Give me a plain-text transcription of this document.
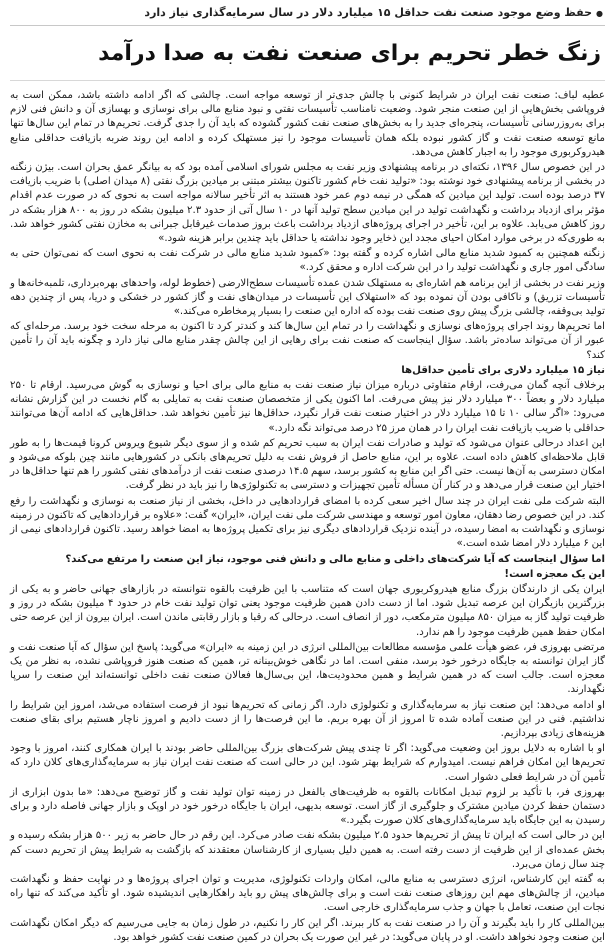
●حفظ وضع موجود صنعت نفت حداقل ۱۵ میلیارد دلار در سال سرمایه‌گذاری نیاز دارد
زنگ خطر تحریم برای صنعت نفت به صدا درآمد

عطیه لباف: صنعت نفت ایران در شرایط کنونی با چالش جدی‌تر از توسعه مواجه است. چالشی که اگر ادامه داشته باشد، ممکن است به فروپاشی بخش‌هایی از این صنعت منجر شود. وضعیت نامناسب تأسیسات نفتی و نبود منابع مالی برای نوسازی و بهسازی آن و دانش فنی لازم برای به‌روزرسانی تأسیسات، پنجره‌ای جدید را به بخش‌های صنعت نفت کشور گشوده که باید آن را جدی گرفت. تحریم‌ها در تمام این سال‌ها تنها مانع توسعه صنعت نفت و گاز کشور نبوده بلکه همان تأسیسات موجود را نیز مستهلک کرده و ادامه این روند ضربه بازیافت حداقلی منابع هیدروکربوری موجود را به اجبار کاهش می‌دهد.

در این خصوص سال ۱۳۹۶، نکته‌ای در برنامه پیشنهادی وزیر نفت به مجلس شورای اسلامی آمده بود که به بیانگر عمق بحران است. بیژن زنگنه در بخشی از برنامه پیشنهادی خود نوشته بود: «تولید نفت خام کشور تاکنون بیشتر مبتنی بر میادین بزرگ نفتی (۸ میدان اصلی) با ضریب بازیافت ۳۷ درصد بوده است. تولید این میادین که همگی در نیمه دوم عمر خود هستند به اثر تأخیر سالانه مواجه است به نحوی که در صورت عدم اقدام مؤثر برای ازدیاد برداشت و نگهداشت تولید در این میادین سطح تولید آنها در ۱۰ سال آتی از حدود ۲.۳ میلیون بشکه در روز به ۸۰۰ هزار بشکه در روز کاهش می‌یابد. علاوه بر این، تأخیر در اجرای پروژه‌های ازدیاد برداشت باعث بروز صدمات غیرقابل جبرانی به مخازن نفتی کشور خواهد شد. به طوری‌که در برخی موارد امکان احیای مجدد این ذخایر وجود نداشته یا حداقل باید چندین برابر هزینه شود.»

زنگنه همچنین به کمبود شدید منابع مالی اشاره کرده و گفته بود: «کمبود شدید منابع مالی در شرکت نفت به نحوی است که نمی‌توان حتی به سادگی امور جاری و نگهداشت تولید را در این شرکت اداره و محقق کرد.»

وزیر نفت در بخشی از این برنامه هم اشاره‌ای به مستهلک شدن عمده تأسیسات سطح‌الارضی (خطوط لوله، واحدهای بهره‌برداری، تلمبه‌خانه‌ها و تأسیسات تزریق) و ناکافی بودن آن نموده بود که «استهلاک این تأسیسات در میدان‌های نفت و گاز کشور در خشکی و دریا، پس از چندین دهه تولید بی‌وقفه، چالشی بزرگ پیش روی صنعت نفت بوده که اداره این صنعت را بسیار پرمخاطره می‌کند.»

اما تحریم‌ها روند اجرای پروژه‌های نوسازی و نگهداشت را در تمام این سال‌ها کند و کندتر کرد تا اکنون به مرحله سخت خود برسد. مرحله‌ای که عبور از آن می‌تواند ساده‌تر باشد. سؤال اینجاست که صنعت نفت برای رهایی از این چالش چقدر منابع مالی نیاز دارد و چگونه باید آن را تأمین کند؟

نیاز ۱۵ میلیارد دلاری برای تأمین حداقل‌ها

برخلاف آنچه گمان می‌رفت، ارقام متفاوتی درباره میزان نیاز صنعت نفت به منابع مالی برای احیا و نوسازی به گوش می‌رسید. ارقام تا ۲۵۰ میلیارد دلار و بعضاً ۳۰۰ میلیارد دلار نیز پیش می‌رفت. اما اکنون یکی از متخصصان صنعت نفت به تمایلی به گام نخست در این گزارش نشانه می‌رود: «اگر سالی ۱۰ تا ۱۵ میلیارد دلار در اختیار صنعت نفت قرار نگیرد، حداقل‌ها نیز تأمین نخواهد شد. حداقل‌هایی که ادامه آن‌ها می‌توانند حداقلی با ضریب بازیافت نفت ایران را در همان مرز ۲۵ درصد می‌تواند نگه دارد.»

این اعداد درحالی عنوان می‌شود که تولید و صادرات نفت ایران به سبب تحریم کم شده و از سوی دیگر شیوع ویروس کرونا قیمت‌ها را به طور قابل ملاحظه‌ای کاهش داده است. علاوه بر این، منابع حاصل از فروش نفت به دلیل تحریم‌های بانکی در کشورهایی مانند چین بلوکه می‌شود و امکان دسترسی به آن‌ها نیست. حتی اگر این منابع به کشور برسد، سهم ۱۴.۵ درصدی صنعت نفت از درآمدهای نفتی کشور را هم تنها حداقل‌ها در اختیار این صنعت قرار می‌دهد و در کنار آن مسأله تأمین تجهیزات و دسترسی به تکنولوژی‌ها را نیز باید در نظر گرفت.

البته شرکت ملی نفت ایران در چند سال اخیر سعی کرده با امضای قراردادهایی در داخل، بخشی از نیاز صنعت به نوسازی و نگهداشت را رفع کند. در این خصوص رضا دهقان، معاون امور توسعه و مهندسی شرکت ملی نفت ایران، «ایران» گفت: «علاوه بر قراردادهایی که تاکنون در زمینه نوسازی و نگهداشت به امضا رسیده، در آینده نزدیک قراردادهای دیگری نیز برای تکمیل پروژه‌ها به امضا خواهد رسید. تاکنون قراردادهای نیمی از این ۶ میلیارد دلار امضا شده است.»

اما سؤال اینجاست که آیا شرکت‌های داخلی و منابع مالی و دانش فنی موجود، نیاز این صنعت را مرتفع می‌کند؟

این یک معجزه است!

ایران یکی از دارندگان بزرگ منابع هیدروکربوری جهان است که متناسب با این ظرفیت بالقوه نتوانسته در بازارهای جهانی حاضر و به یکی از بزرگترین بازیگران این عرصه تبدیل شود. اما از دست دادن همین ظرفیت موجود یعنی توان تولید نفت خام در حدود ۴ میلیون بشکه در روز و ظرفیت تولید گاز به میزان ۸۵۰ میلیون مترمکعب، دور از انصاف است. درحالی که رقبا و بازار رقابتی ماندن است. ایران بیرون از این عرصه حتی امکان حفظ همین ظرفیت موجود را هم ندارد.

مرتضی بهروزی فر، عضو هیأت علمی مؤسسه مطالعات بین‌المللی انرژی در این زمینه به «ایران» می‌گوید: پاسخ این سؤال که آیا صنعت نفت و گاز ایران توانسته به جایگاه درخور خود برسد، منفی است. اما در نگاهی خوش‌بینانه تر، همین که صنعت هنوز فروپاشی نشده، به نظر من یک معجزه است. جالب است که در همین شرایط و همین محدودیت‌ها، این بی‌سال‌ها فعالان صنعت نفت داخلی توانسته‌اند این صنعت را سرپا نگهدارند.

او ادامه می‌دهد: این صنعت نیاز به سرمایه‌گذاری و تکنولوژی دارد. اگر زمانی که تحریم‌ها نبود از فرصت استفاده می‌شد، امروز این شرایط را نداشتیم. فنی در این صنعت آماده شده تا امروز از آن بهره بریم. ما این فرصت‌ها را از دست دادیم و امروز ناچار هستیم برای بقای صنعت هزینه‌های زیادی بپردازیم.

او با اشاره به دلایل بروز این وضعیت می‌گوید: اگر تا چندی پیش شرکت‌های بزرگ بین‌المللی حاضر بودند با ایران همکاری کنند، امروز با وجود تحریم‌ها این امکان فراهم نیست. امیدوارم که شرایط بهتر شود. این در حالی است که صنعت نفت ایران نیاز به سرمایه‌گذاری‌های کلان دارد که تأمین آن در شرایط فعلی دشوار است.

بهروزی فر، با تأکید بر لزوم تبدیل امکانات بالقوه به ظرفیت‌های بالفعل در زمینه توان تولید نفت و گاز توضیح می‌دهد: «ما بدون ابزاری از دستمان حفظ کردن میادین مشترک و جلوگیری از گاز است. توسعه بدیهی، ایران با جایگاه درخور خود در اوپک و بازار جهانی فاصله دارد و برای رسیدن به این جایگاه باید سرمایه‌گذاری‌های کلان صورت بگیرد.»

این در حالی است که ایران تا پیش از تحریم‌ها حدود ۲.۵ میلیون بشکه نفت صادر می‌کرد. این رقم در حال حاضر به زیر ۵۰۰ هزار بشکه رسیده و بخش عمده‌ای از این ظرفیت از دست رفته است. به همین دلیل بسیاری از کارشناسان معتقدند که بازگشت به شرایط پیش از تحریم دست کم چند سال زمان می‌برد.

به گفته این کارشناس، انرژی دسترسی به منابع مالی، امکان واردات تکنولوژی، مدیریت و توان اجرای پروژه‌ها و در نهایت حفظ و نگهداشت میادین، از چالش‌های مهم این روزهای صنعت نفت است و برای چالش‌های پیش رو باید راهکارهایی اندیشیده شود. او تأکید می‌کند که تنها راه نجات این صنعت، تعامل با جهان و جذب سرمایه‌گذاری خارجی است.

بین‌المللی کار را باید بگیرند و آن را در صنعت نفت به کار ببرند. اگر این کار را نکنیم، در طول زمان به جایی می‌رسیم که دیگر امکان نگهداشت این صنعت وجود نخواهد داشت. او در پایان می‌گوید: در غیر این صورت یک بحران در کمین صنعت نفت کشور خواهد بود.
